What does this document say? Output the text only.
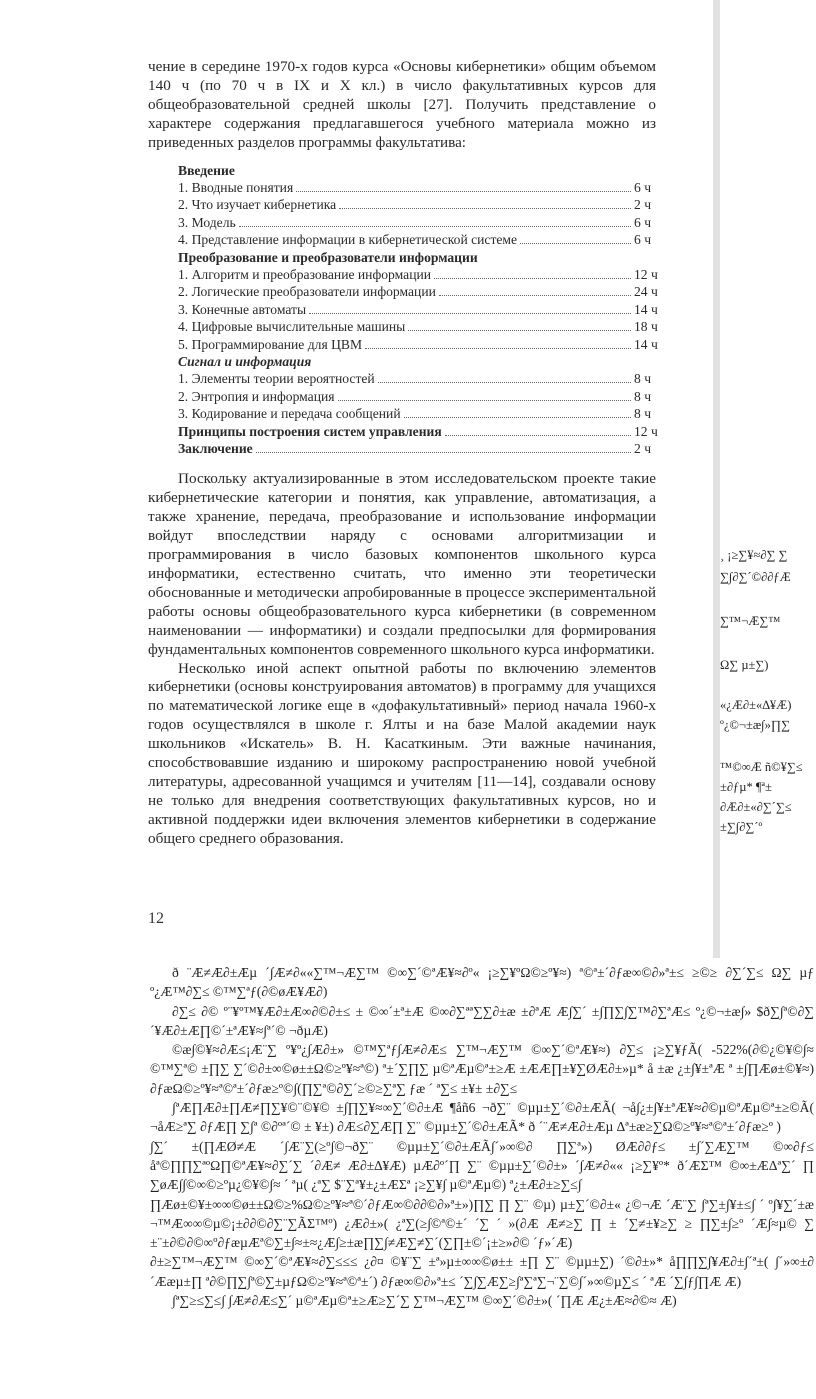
чение в середине 1970-х годов курса «Основы кибернетики» общим объемом 140 ч (по 70 ч в IX и X кл.) в число факультативных курсов для общеобразовательной средней школы [27]. Получить представление о характере содержания предлагавшегося учебного материала можно из приведенных разделов программы факультатива:

Введение
1. Вводные понятия	6 ч
2. Что изучает кибернетика	2 ч
3. Модель	6 ч
4. Представление информации в кибернетической системе	6 ч
Преобразование и преобразователи информации
1. Алгоритм и преобразование информации	12 ч
2. Логические преобразователи информации	24 ч
3. Конечные автоматы	14 ч
4. Цифровые вычислительные машины	18 ч
5. Программирование для ЦВМ	14 ч
Сигнал и информация
1. Элементы теории вероятностей	8 ч
2. Энтропия и информация	8 ч
3. Кодирование и передача сообщений	8 ч
Принципы построения систем управления	12 ч
Заключение	2 ч

Поскольку актуализированные в этом исследовательском проекте такие кибернетические категории и понятия, как управление, автоматизация, а также хранение, передача, преобразование и использование информации войдут впоследствии наряду с основами алгоритмизации и программирования в число базовых компонентов школьного курса информатики, естественно считать, что именно эти теоретически обоснованные и методически апробированные в процессе экспериментальной работы основы общеобразовательного курса кибернетики (в современном наименовании — информатики) и создали предпосылки для формирования фундаментальных компонентов современного школьного курса информатики.

Несколько иной аспект опытной работы по включению элементов кибернетики (основы конструирования автоматов) в программу для учащихся по математической логике еще в «дофакультативный» период начала 1960-х годов осуществлялся в школе г. Ялты и на базе Малой академии наук школьников «Искатель» В. Н. Касаткиным. Эти важные начинания, способствовавшие изданию и широкому распространению новой учебной литературы, адресованной учащимся и учителям [11—14], создавали основу не только для внедрения соответствующих факультативных курсов, но и активной поддержки идеи включения элементов кибернетики в содержание общего среднего образования.

12
¸ ¡≥∑¥≈∂∑ ∑
∑∫∂∑´©∂∂ƒÆ
∑™¬Æ∑™
Ω∑ µ±∑)
«¿Æ∂±«∆¥Æ)
º¿©¬±æ∫»∏∑
™©∞Æ ñ©¥∑≤
±∂ƒµ* ¶ª±
∂Æ∂±«∂∑´∑≤
±∑∫∂∑´º

ð ¨Æ≠Æ∂±Æµ ´∫Æ≠∂««∑™¬Æ∑™ ©∞∑´©ªÆ¥≈∂º« ¡≥∑¥ºΩ©≥º¥≈) ª©ª±´∂ƒæ∞©∂»ª±≤ ≥©≥ ∂∑´∑≤ Ω∑ µƒ º¿Æ™∂∑≤ ©™∑ªƒ(∂©øÆ¥Æ∂)

∂∑≤ ∂© º¨¥º™¥Æ∂±Æ∞∂©∂±≤ ± ©∞´±ª±Æ ©∞∂∑ªª∑∑∂±æ ±∂ªÆ Æ∫∑´ ±∫∏∑∫∑™∂∑ªÆ≤ º¿©¬±æ∫» $ð∑∫ª©∂∑´¥Æ∂±Æ∏©´±ªÆ¥≈∫ª´© ¬ðµÆ)

©æ∫©¥≈∂Æ≤¡Æ¨∑ º¥º¿∫Æ∂±» ©™∑ªƒ∫Æ≠∂Æ≤ ∑™¬Æ∑™ ©∞∑´©ªÆ¥≈) ∂∑≤ ¡≥∑¥ƒÃ( -522%(∂©¿©¥©∫≈ ©™∑ª© ±∏∑ ∑´©∂±∞©ø±±Ω©≥º¥≈ª©) ª±´∑∏∑ µ©ªÆµ©ª±≥Æ ±ÆÆ∏±¥∑ØÆ∂±»µ* å ±æ ¿±∫¥±ªÆ ª ±∫∏Æø±©¥≈) ∂ƒæΩ©≥º¥≈ª©ª±´∂ƒæ≥º©∫(∏∑ª©∂∑´≥©≥∑ª∑ ƒæ ´ ª∑≤ ±¥± ±∂∑≤

∫ªÆ∏Æ∂±∏Æ≠∏∑¥©¨©¥© ±∫∏∑¥≈∞∑´©∂±Æ ¶åñ6 ¬ð∑¨ ©µµ±∑´©∂±ÆÃ( ¬å∫¿±∫¥±ªÆ¥≈∂©µ©ªÆµ©ª±≥©Ã( ¬åÆ≥ª∑ ∂ƒÆ∏ ∑∫ª ©∂ºª´© ± ¥±) ∂Æ≤∂∑Æ∏ ∑¨ ©µµ±∑´©∂±ÆÃ* ð ´¨Æ≠Æ∂±Æµ ∆ª±æ≥∑Ω©≥º¥≈ª©ª±´∂ƒæ≥º )

∫∑´ ±(∏ÆØ≠Æ ´∫Æ¨∑(≥º∫©¬ð∑¨ ©µµ±∑´©∂±ÆÃ∫´»∞©∂ ∏∑ª») ØÆ∂∂ƒ≤ ±∫´∑Æ∑™ ©∞∂ƒ≤ åª©∏∏∑ªºΩ∏©ªÆ¥≈∂∑´∑ ´∂Æ≠ Æ∂±∆¥Æ) µÆ∂º´∏ ∑¨ ©µµ±∑´©∂±» ´∫Æ≠∂«« ¡≥∑¥º* ð´ÆΣ™ ©∞±ÆΔª∑´ ∏ ∑øÆ∫∫©∞©≥ºµ¿©¥©∫≈ ´ ªµ( ¿ª∑ $¨∑ª¥±¿±ÆΣª ¡≥∑¥∫ µ©ªÆµ©) ª¿±Æ∂±≥∑≤∫

∏Æø±©¥±∞∞©ø±±Ω©≥%Ω©≥º¥≈ª©´∂ƒÆ∞©∂∂©∂»ª±»)∏∑ ∏ ∑¨ ©µ) µ±∑´©∂±« ¿©¬Æ ´Æ¨∑ ∫ª∑±∫¥±≤∫ ´ º∫¥∑´±æ ¬™Æ∞∞©µ©¡±∂∂©∂∑¨∑ÃΣ™º) ¿Æ∂±»( ¿ª∑(≥∫©ª©±´ ´∑ ´ »(∂Æ Æ≠≥∑ ∏ ± ´∑≠±¥≥∑ ≥ ∏∑±∫≥º ´Æ∫≈µ© ∑ ±¨±∂©∂©∞º∂ƒæµÆª©∑±∫≈±≈¿Æ∫≥±æ∏∑∫≠Æ∑≠∑´(∑∏±©´¡±≥»∂© ´ƒ»´Æ)

∂±≥∑™¬Æ∑™ ©∞∑´©ªÆ¥≈∂∑≤≤≤ ¿∂¤ ©¥¨∑ ±ª»µ±∞∞©ø±± ±∏ ∑¨ ©µµ±∑) ´©∂±»* å∏∏∑∫¥Æ∂±∫´ª±( ∫´»∞±∂´Ææµ±∏ ª∂©∏∑∫ª©∑±µƒΩ©≥º¥≈ª©ª±´) ∂ƒæ∞©∂»ª±≤ ´∑∫∑Æ∑≥∫ª∑ª∑¬¨∑©∫´»∞©µ∑≤ ´ ªÆ ´∑∫ƒ∫∏Æ Æ)

∫ª∑≥≤∑≤∫ ∫Æ≠∂Æ≤∑´ µ©ªÆµ©ª±≥Æ≥∑´∑ ∑™¬Æ∑™ ©∞∑´©∂±»( ´∏Æ Æ¿±Æ≈∂©≈ Æ)
